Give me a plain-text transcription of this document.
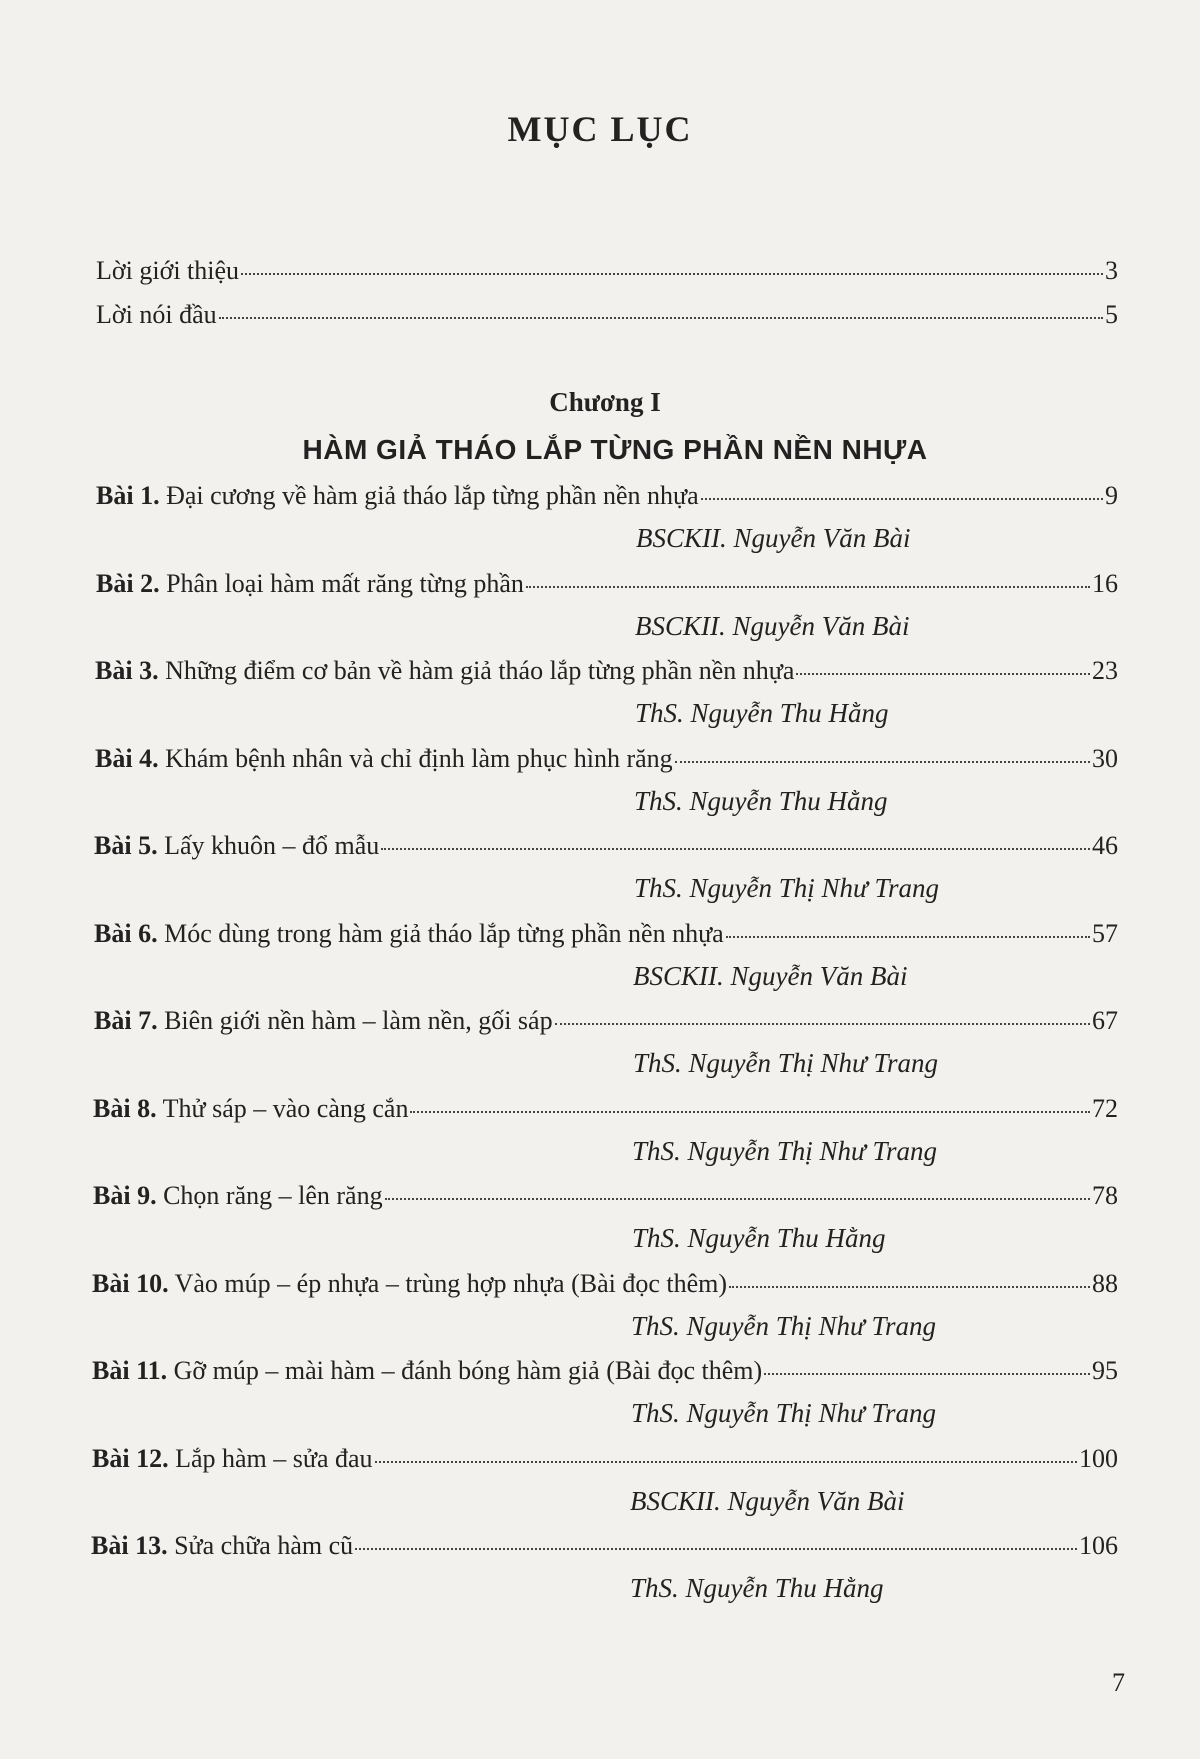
MỤC LỤC
Lời giới thiệu	3
Lời nói đầu	5
Chương I
HÀM GIẢ THÁO LẮP TỪNG PHẦN NỀN NHỰA
Bài 1. Đại cương về hàm giả tháo lắp từng phần nền nhựa	9
BSCKII. Nguyễn Văn Bài
Bài 2. Phân loại hàm mất răng từng phần	16
BSCKII. Nguyễn Văn Bài
Bài 3. Những điểm cơ bản về hàm giả tháo lắp từng phần nền nhựa	23
ThS. Nguyễn Thu Hằng
Bài 4. Khám bệnh nhân và chỉ định làm phục hình răng	30
ThS. Nguyễn Thu Hằng
Bài 5. Lấy khuôn – đổ mẫu	46
ThS. Nguyễn Thị Như Trang
Bài 6. Móc dùng trong hàm giả tháo lắp từng phần nền nhựa	57
BSCKII. Nguyễn Văn Bài
Bài 7. Biên giới nền hàm – làm nền, gối sáp	67
ThS. Nguyễn Thị Như Trang
Bài 8. Thử sáp – vào càng cắn	72
ThS. Nguyễn Thị Như Trang
Bài 9. Chọn răng – lên răng	78
ThS. Nguyễn Thu Hằng
Bài 10. Vào múp – ép nhựa – trùng hợp nhựa (Bài đọc thêm)	88
ThS. Nguyễn Thị Như Trang
Bài 11. Gỡ múp – mài hàm – đánh bóng hàm giả (Bài đọc thêm)	95
ThS. Nguyễn Thị Như Trang
Bài 12. Lắp hàm – sửa đau	100
BSCKII. Nguyễn Văn Bài
Bài 13. Sửa chữa hàm cũ	106
ThS. Nguyễn Thu Hằng
7
